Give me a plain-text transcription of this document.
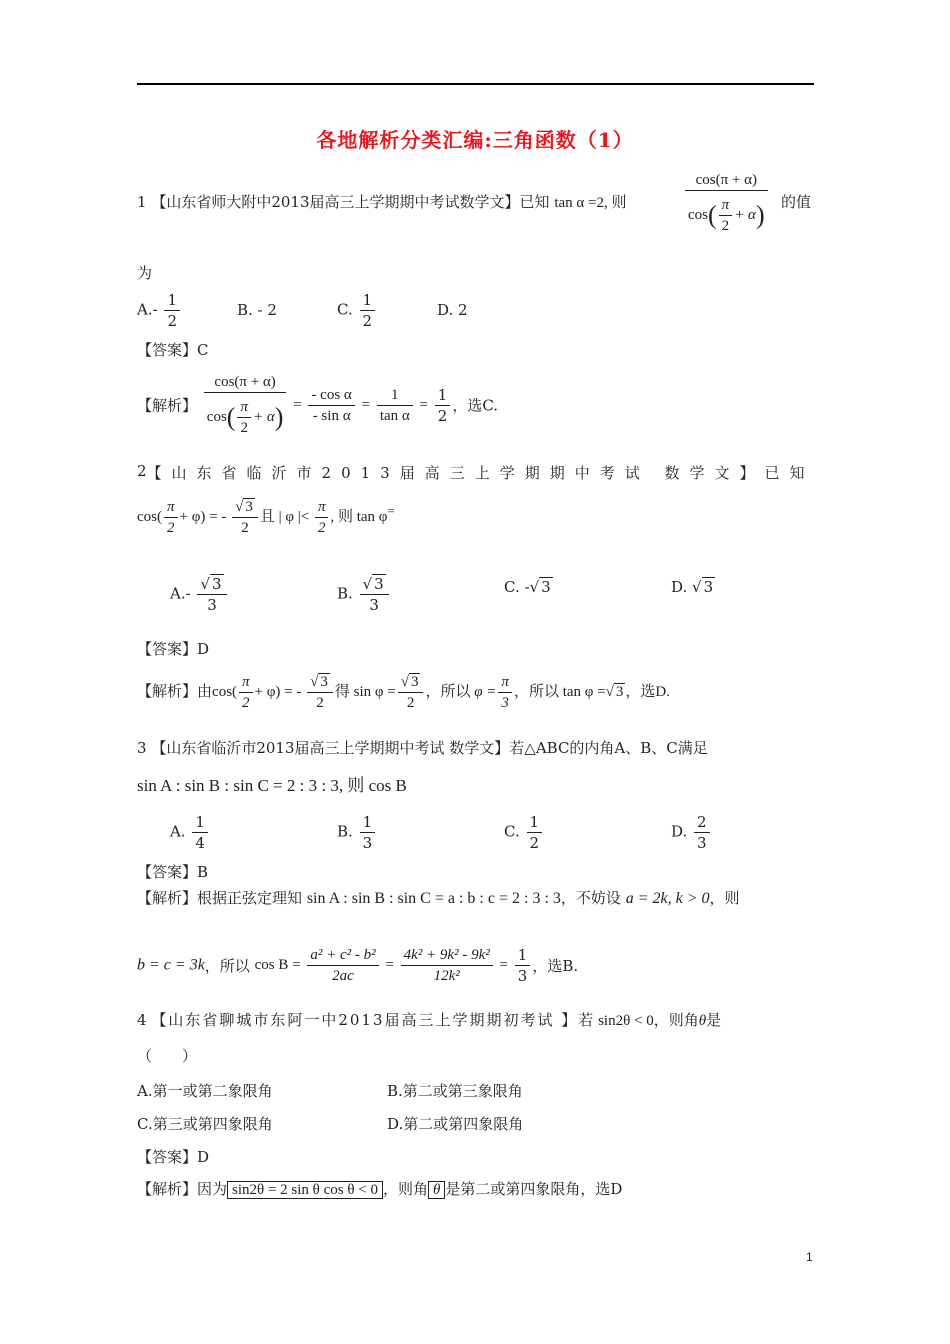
各地解析分类汇编:三角函数（1）
1 【山东省师大附中2013届高三上学期期中考试数学文】已知 tan α =2, 则	$\frac{\cos(\pi + \alpha)}{\cos( \frac{\pi}{2} + \alpha)}$ 的值
为
$A.- \frac{1}{2}$	B. - 2	C. $\frac{1}{2}$	D. 2
【答案】C
【解析】 $\frac{\cos(\pi + \alpha)}{\cos( \frac{\pi}{2} + \alpha)} = \frac{\text{- cos α}}{\text{- sin α}} = \frac{1}{\text{tan α}} = \frac{1}{2}$ ，选C.
2 【山东省临沂市2013届高三上学期期中考试 数学文】已知
$\cos( \frac{\pi}{2} + \varphi)$ = - $\frac{√ 3}{2}$ 且 | φ |< $\frac{\pi}{2}$ , 则 tan φ=
$A.- \frac{√ 3}{3}$	B. $\frac{√ 3}{3}$	C. -√ 3	D. √ 3
【答案】D
【解析】由$\cos( \frac{\pi}{2} + \varphi)$ = - $\frac{√ 3}{2}$ 得 $\sin \varphi = \frac{√ 3}{2}$ ，所以 $\varphi = \frac{\pi}{3}$ ，所以 tan φ =√ 3 ，选D.
3 【山东省临沂市2013届高三上学期期中考试 数学文】若△ABC的内角A、B、C满足
sin A : sin B : sin C = 2 : 3 : 3, 则 cos B
A. $\frac{1}{4}$	B. $\frac{1}{3}$	C. $\frac{1}{2}$	D. $\frac{2}{3}$
【答案】B
【解析】根据正弦定理知 sin A : sin B : sin C = a : b : c = 2 : 3 : 3，不妨设 a = 2k, k > 0，则
b = c = 3k，所以 $\cos B = \frac{\text{a² + c² - b²}}{2ac} = \frac{\text{4k² + 9k² - 9k²}}{\text{12k²}} = \frac{1}{3}$ ，选B.
4 【山东省聊城市东阿一中2013届高三上学期期初考试 】若 sin2θ < 0，则角θ是
（　　）
A.第一或第二象限角	B.第二或第三象限角
C.第三或第四象限角	D.第二或第四象限角
【答案】D
【解析】因为 sin2θ = 2 sin θ cos θ < 0 ，则角 θ 是第二或第四象限角，选D
1
